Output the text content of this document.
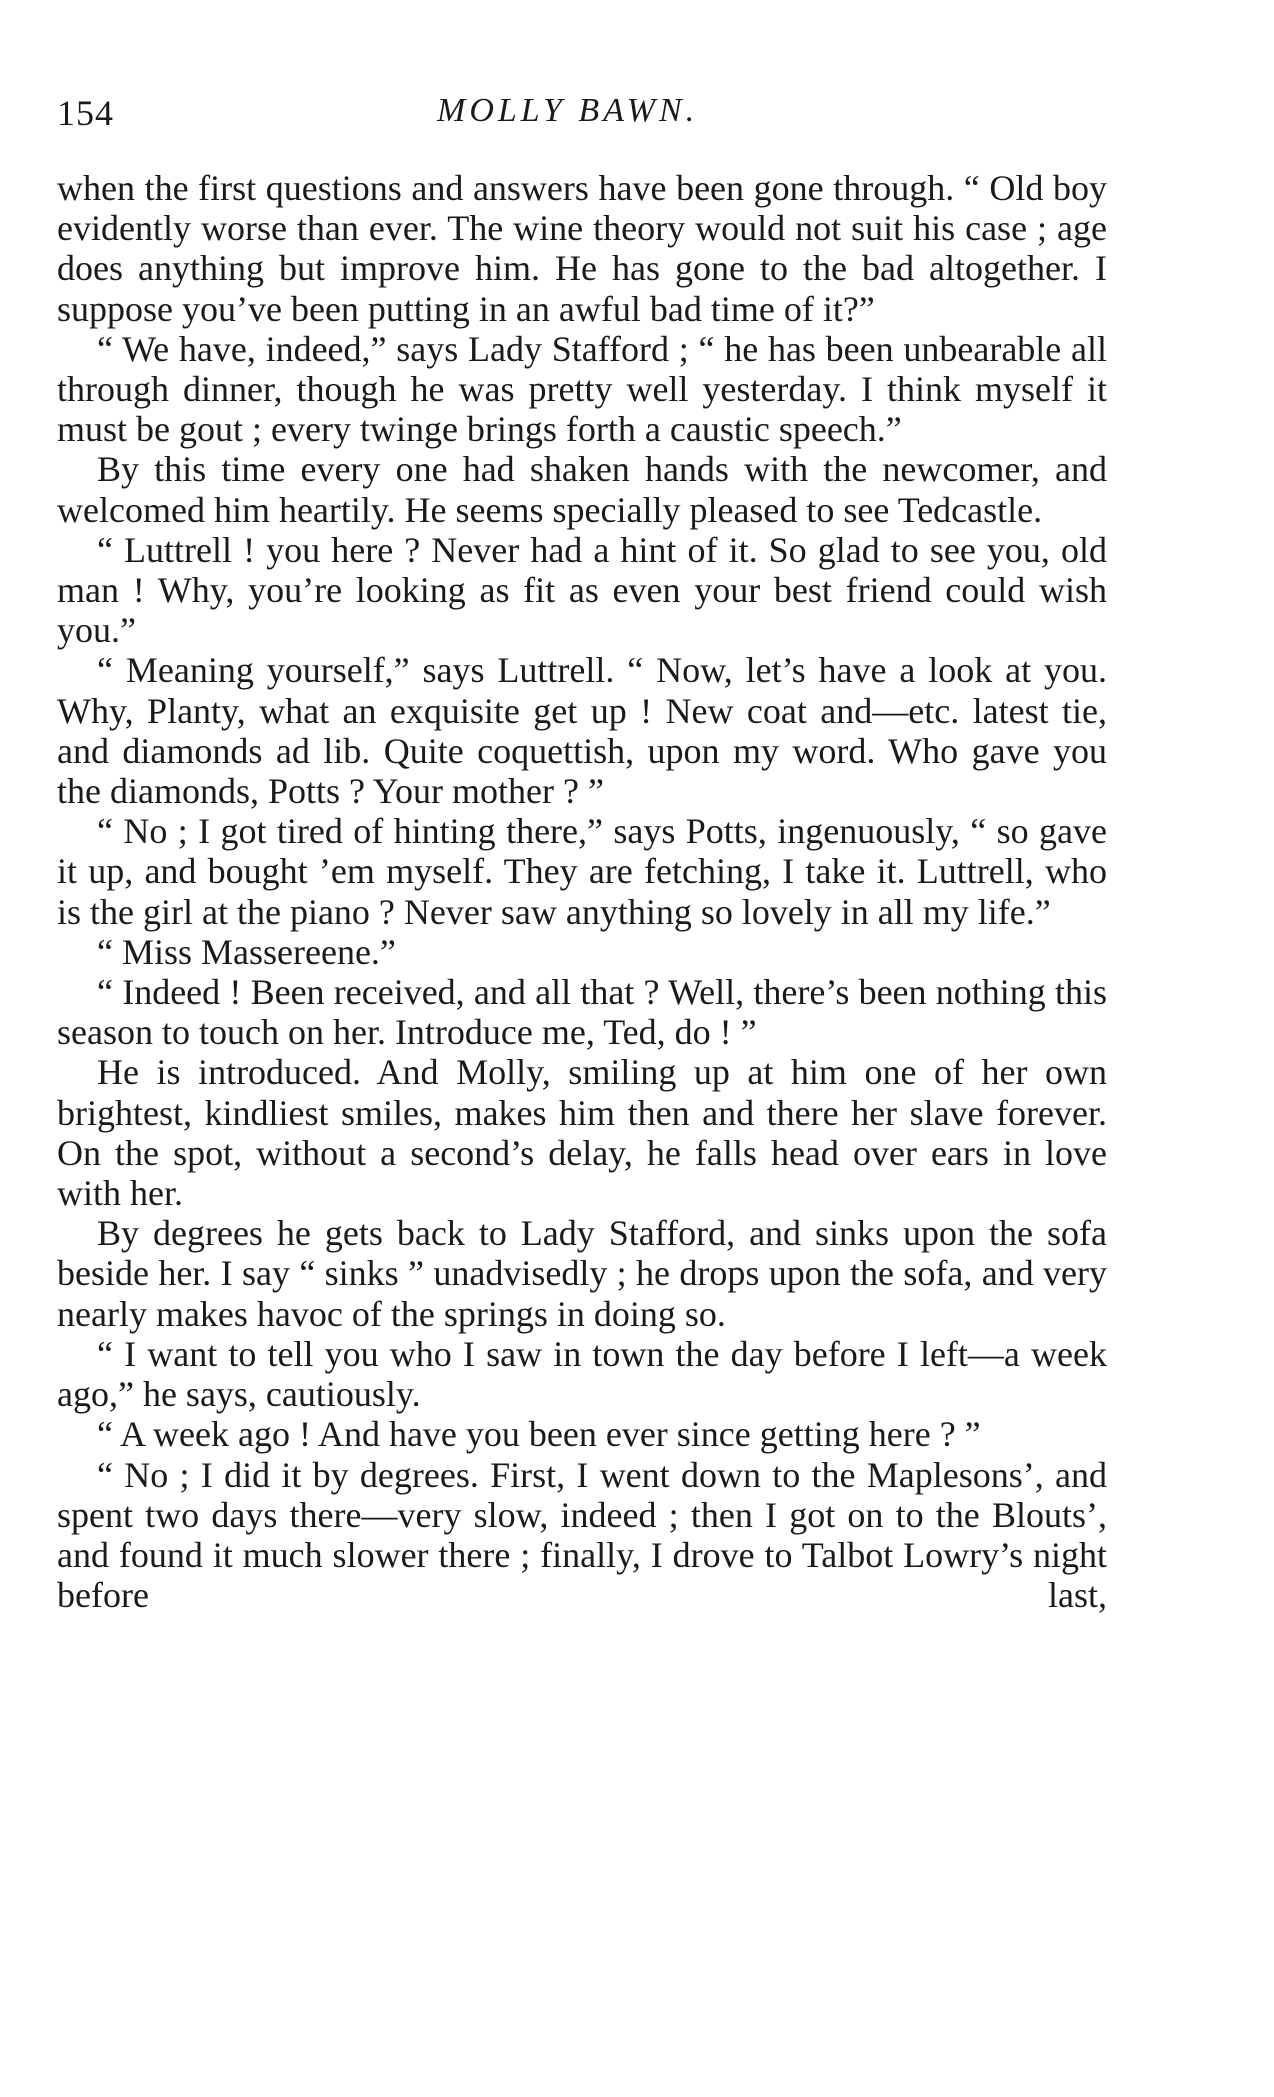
154	MOLLY BAWN.

when the first questions and answers have been gone through. “ Old boy evidently worse than ever. The wine theory would not suit his case ; age does anything but improve him. He has gone to the bad altogether. I suppose you’ve been putting in an awful bad time of it?”

“ We have, indeed,” says Lady Stafford ; “ he has been unbearable all through dinner, though he was pretty well yesterday. I think myself it must be gout ; every twinge brings forth a caustic speech.”

By this time every one had shaken hands with the newcomer, and welcomed him heartily. He seems specially pleased to see Tedcastle.

“ Luttrell ! you here ? Never had a hint of it. So glad to see you, old man ! Why, you’re looking as fit as even your best friend could wish you.”

“ Meaning yourself,” says Luttrell. “ Now, let’s have a look at you. Why, Planty, what an exquisite get up ! New coat and—etc. latest tie, and diamonds ad lib. Quite coquettish, upon my word. Who gave you the diamonds, Potts ? Your mother ? ”

“ No ; I got tired of hinting there,” says Potts, ingenuously, “ so gave it up, and bought ’em myself. They are fetching, I take it. Luttrell, who is the girl at the piano ? Never saw anything so lovely in all my life.”

“ Miss Massereene.”

“ Indeed ! Been received, and all that ? Well, there’s been nothing this season to touch on her. Introduce me, Ted, do ! ”

He is introduced. And Molly, smiling up at him one of her own brightest, kindliest smiles, makes him then and there her slave forever. On the spot, without a second’s delay, he falls head over ears in love with her.

By degrees he gets back to Lady Stafford, and sinks upon the sofa beside her. I say “ sinks ” unadvisedly ; he drops upon the sofa, and very nearly makes havoc of the springs in doing so.

“ I want to tell you who I saw in town the day before I left—a week ago,” he says, cautiously.

“ A week ago ! And have you been ever since getting here ? ”

“ No ; I did it by degrees. First, I went down to the Maplesons’, and spent two days there—very slow, indeed ; then I got on to the Blouts’, and found it much slower there ; finally, I drove to Talbot Lowry’s night before last,
